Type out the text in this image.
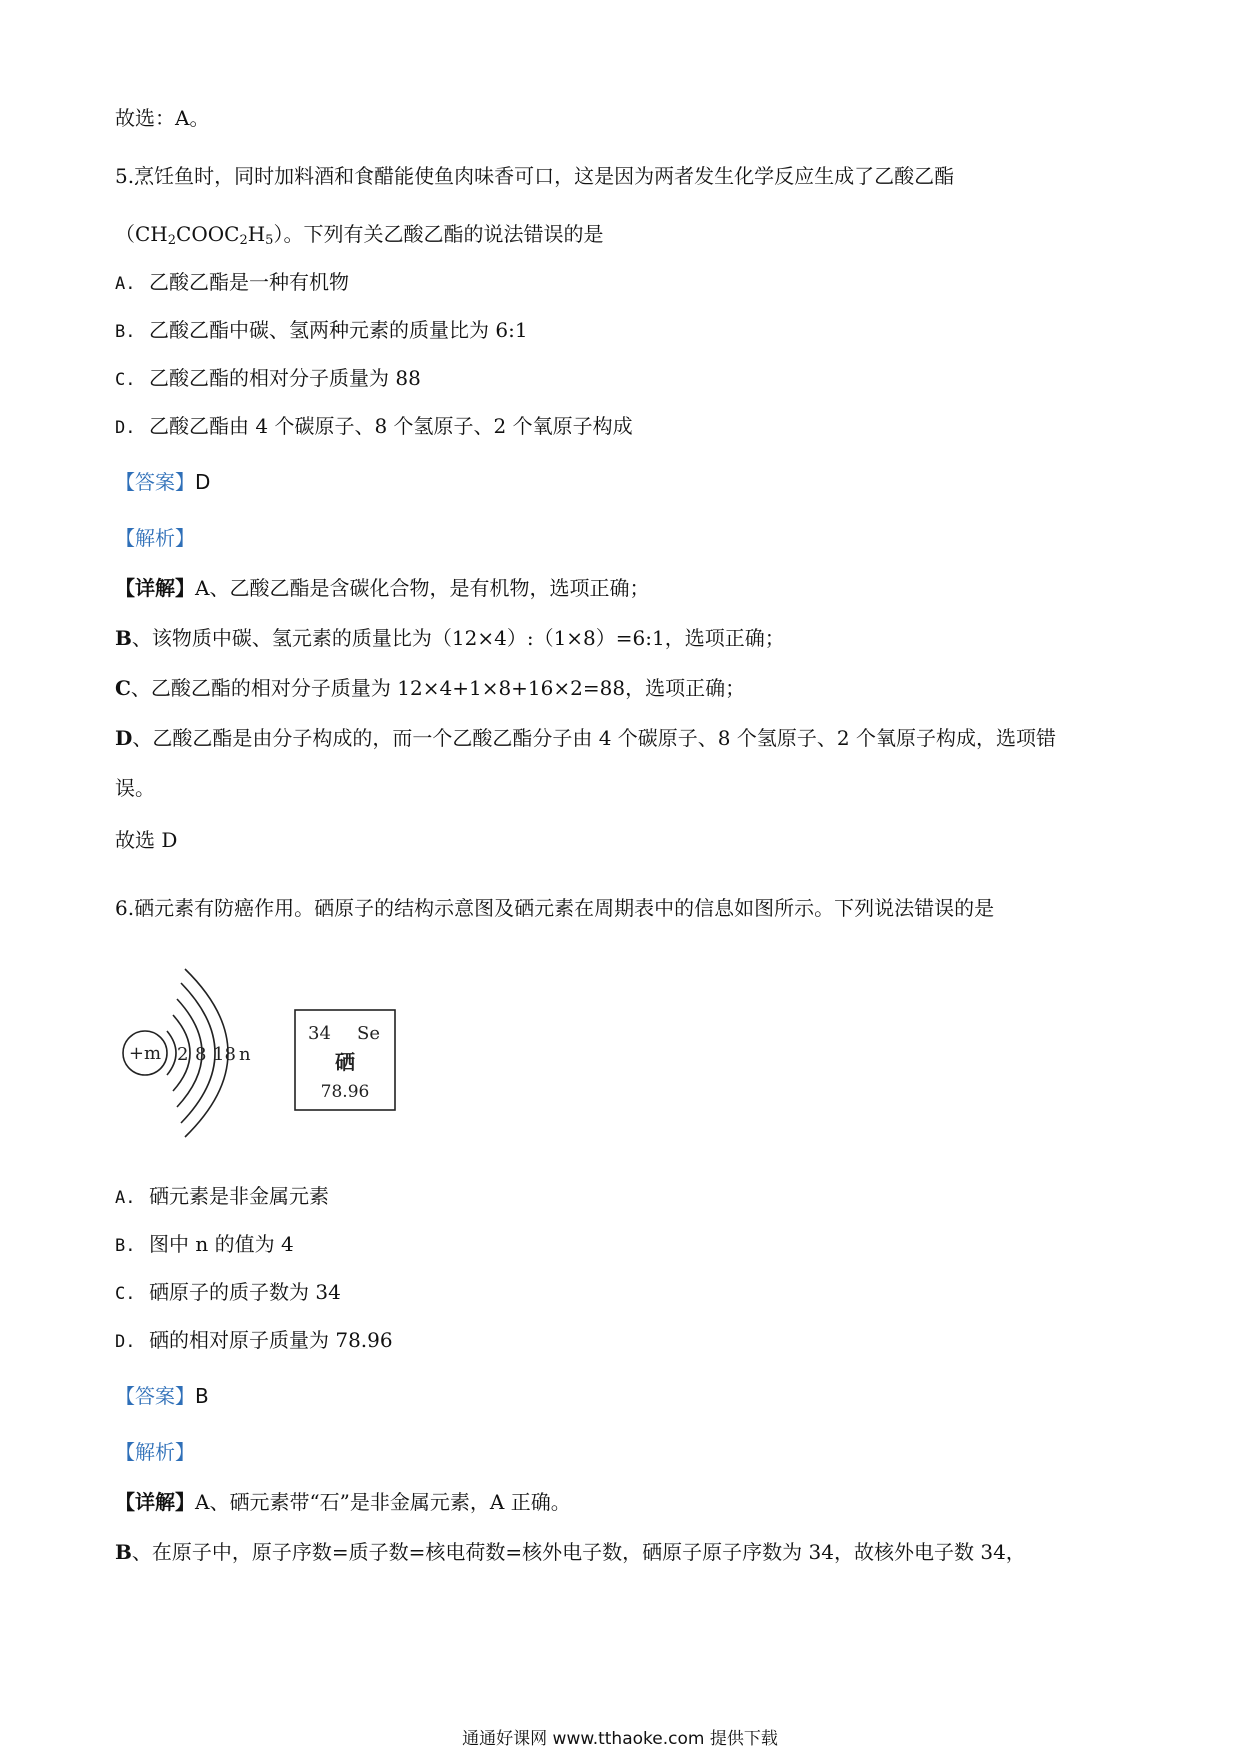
故选：A。

5.烹饪鱼时，同时加料酒和食醋能使鱼肉味香可口，这是因为两者发生化学反应生成了乙酸乙酯

$(CH_2COOC_2H_5)$。下列有关乙酸乙酯的说法错误的是

A. 乙酸乙酯是一种有机物

B. 乙酸乙酯中碳、氢两种元素的质量比为 6:1

C. 乙酸乙酯的相对分子质量为 88

D. 乙酸乙酯由 4 个碳原子、8 个氢原子、2 个氧原子构成

【答案】D

【解析】

【详解】A、乙酸乙酯是含碳化合物，是有机物，选项正确；

B、该物质中碳、氢元素的质量比为（12×4）:（1×8）=6:1，选项正确；

C、乙酸乙酯的相对分子质量为 12×4+1×8+16×2=88，选项正确；

D、乙酸乙酯是由分子构成的，而一个乙酸乙酯分子由 4 个碳原子、8 个氢原子、2 个氧原子构成，选项错

误。

故选 D

6.硒元素有防癌作用。硒原子的结构示意图及硒元素在周期表中的信息如图所示。下列说法错误的是

+m 2 8 18 n
34 Se
硒
78.96

A. 硒元素是非金属元素

B. 图中 n 的值为 4

C. 硒原子的质子数为 34

D. 硒的相对原子质量为 78.96

【答案】B

【解析】

【详解】A、硒元素带“石”是非金属元素，A 正确。

B、在原子中，原子序数=质子数=核电荷数=核外电子数，硒原子原子序数为 34，故核外电子数 34，

通通好课网 www.tthaoke.com 提供下载
